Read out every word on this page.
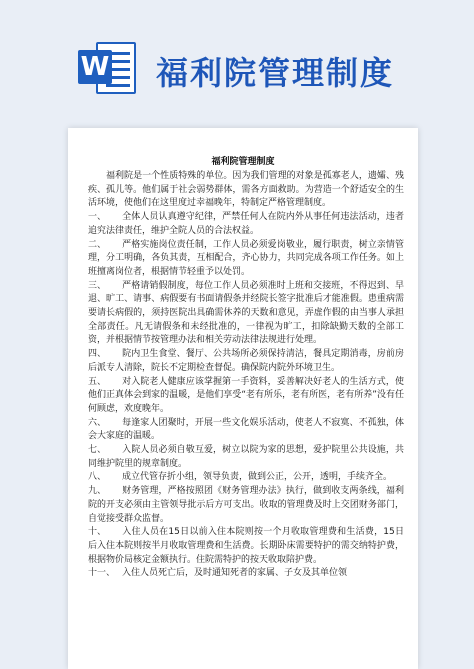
W 福利院管理制度
福利院管理制度

福利院是一个性质特殊的单位。因为我们管理的对象是孤寡老人，遗孀、残疾、孤儿等。他们属于社会弱势群体，需各方面救助。为营造一个舒适安全的生活环境，使他们在这里度过幸福晚年，特制定严格管理制度。

一、 全体人员认真遵守纪律，严禁任何人在院内外从事任何违法活动，违者追究法律责任，维护全院人员的合法权益。

二、 严格实施岗位责任制，工作人员必须爱岗敬业，履行职责，树立亲情管理，分工明确，各负其责，互相配合，齐心协力，共同完成各项工作任务。如上班擅离岗位者，根据情节轻重予以处罚。

三、 严格请销假制度，每位工作人员必须准时上班和交接班，不得迟到、早退、旷工、请事、病假要有书面请假条并经院长签字批准后才能准假。患重病需要请长病假的，须持医院出具确需休养的天数和意见，弄虚作假的由当事人承担全部责任。凡无请假条和未经批准的，一律视为旷工，扣除缺勤天数的全部工资，并根据情节按管理办法和相关劳动法律法规进行处理。

四、 院内卫生食堂、餐厅、公共场所必须保持清洁，餐具定期消毒，房前房后派专人清除，院长不定期检查督促。确保院内院外环境卫生。

五、 对入院老人健康应该掌握第一手资料，妥善解决好老人的生活方式，使他们正真体会到家的温暖，是他们享受“老有所乐，老有所医，老有所养”没有任何顾虑，欢度晚年。

六、 每逢家人团聚时，开展一些文化娱乐活动，使老人不寂寞、不孤独，体会大家庭的温暖。

七、 入院人员必须自敬互爱，树立以院为家的思想，爱护院里公共设施，共同维护院里的规章制度。

八、 成立代管存折小组，领导负责，做到公正，公开，透明，手续齐全。

九、 财务管理，严格按照团《财务管理办法》执行，做到收支两条线，福利院的开支必须由主管领导批示后方可支出。收取的管理费及时上交团财务部门，自觉接受群众监督。

十、 入住人员在15日以前入住本院则按一个月收取管理费和生活费，15日后入住本院则按半月收取管理费和生活费。长期卧床需要特护的需交纳特护费，根据物价局核定金额执行。住院需特护的按天收取陪护费。

十一、 入住人员死亡后，及时通知死者的家属、子女及其单位领
